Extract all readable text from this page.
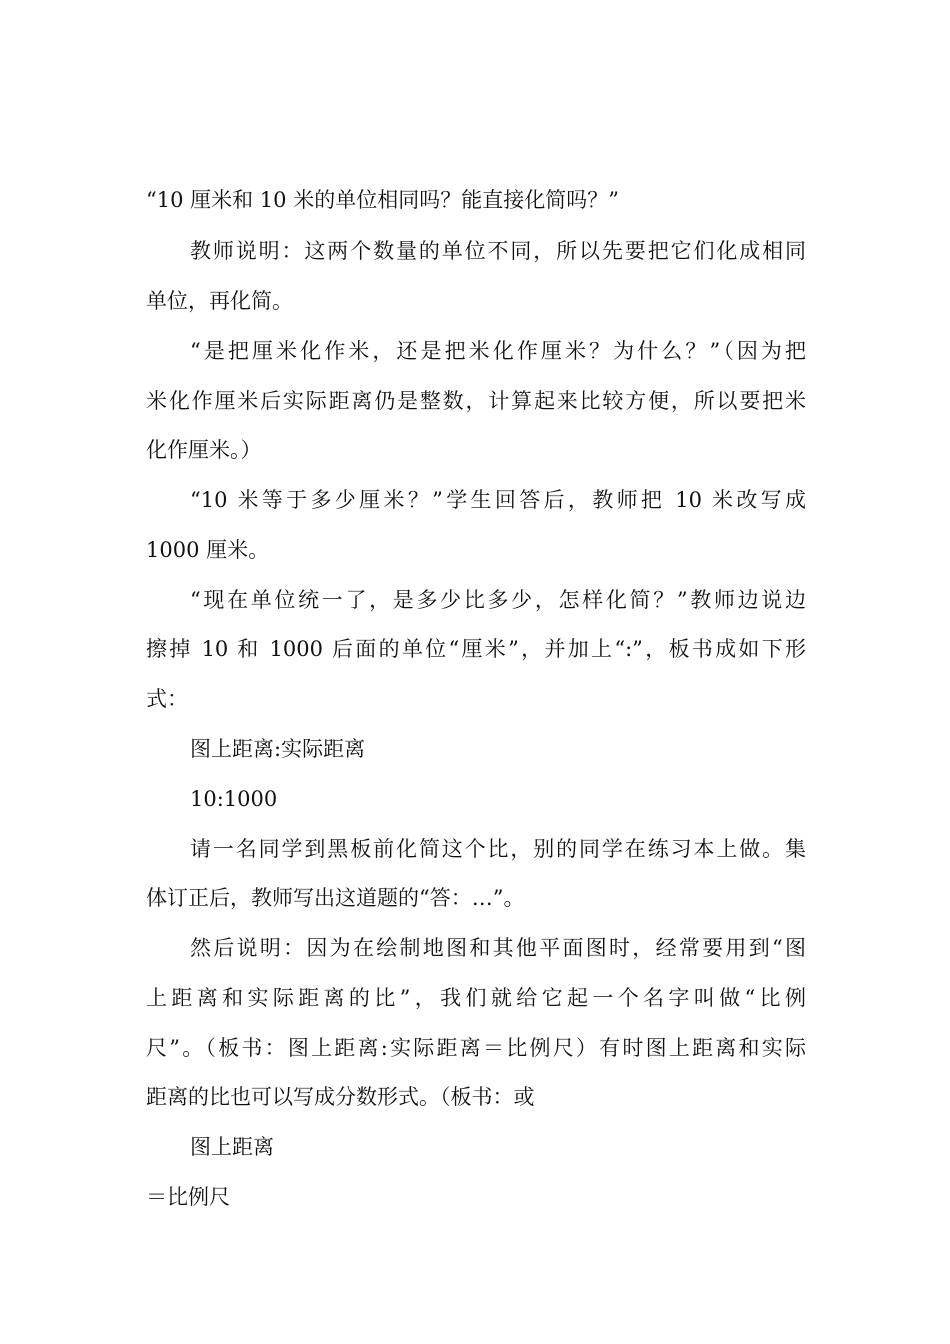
“10 厘米和 10 米的单位相同吗？能直接化简吗？”
教师说明：这两个数量的单位不同，所以先要把它们化成相同
单位，再化简。
“是把厘米化作米，还是把米化作厘米？为什么？”（因为把
米化作厘米后实际距离仍是整数，计算起来比较方便，所以要把米
化作厘米。）
“10 米等于多少厘米？”学生回答后，教师把 10 米改写成
1000 厘米。
“现在单位统一了，是多少比多少，怎样化简？”教师边说边
擦掉 10 和 1000 后面的单位“厘米”，并加上“:”，板书成如下形
式：
图上距离:实际距离
10:1000
请一名同学到黑板前化简这个比，别的同学在练习本上做。集
体订正后，教师写出这道题的“答：…”。
然后说明：因为在绘制地图和其他平面图时，经常要用到“图
上距离和实际距离的比”，我们就给它起一个名字叫做“比例
尺”。（板书：图上距离:实际距离＝比例尺）有时图上距离和实际
距离的比也可以写成分数形式。（板书：或
图上距离
＝比例尺
